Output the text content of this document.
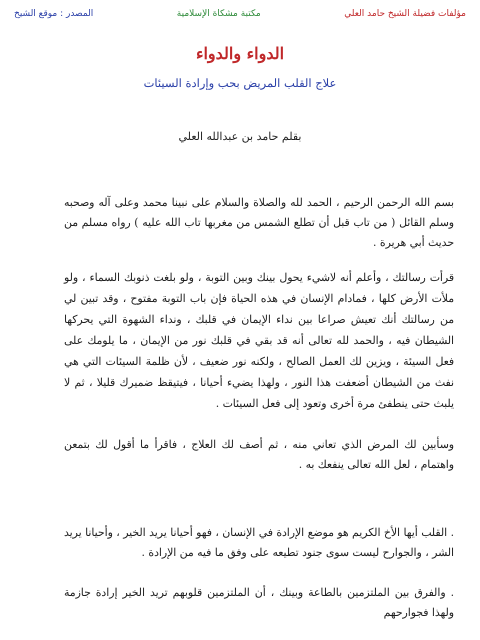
مؤلفات فضيلة الشيخ حامد العلي
مكتبة مشكاة الإسلامية
المصدر : موقع الشيخ
الدواء والدواء
علاج القلب المريض بحب وإرادة السيئات
بقلم حامد بن عبدالله العلي

بسم الله الرحمن الرحيم ، الحمد لله والصلاة والسلام على نبينا محمد وعلى آله وصحبه وسلم القائل ( من تاب قبل أن تطلع الشمس من مغربها تاب الله عليه ) رواه مسلم من حديث أبي هريرة .

قرأت رسالتك ، وأعلم أنه لاشيء يحول بينك وبين التوبة ، ولو بلغت ذنوبك السماء ، ولو ملأت الأرض كلها ، فمادام الإنسان في هذه الحياة فإن باب التوبة مفتوح ، وقد تبين لي من رسالتك أنك تعيش صراعا بين نداء الإيمان في قلبك ، ونداء الشهوة التي يحركها الشيطان فيه ، والحمد لله تعالى أنه قد بقي في قلبك نور من الإيمان ، ما يلومك على فعل السيئة ، ويزين لك العمل الصالح ، ولكنه نور ضعيف ، لأن ظلمة السيئات التي هي نفث من الشيطان أضعفت هذا النور ، ولهذا يضيء أحيانا ، فيتيقظ ضميرك قليلا ، ثم لا يلبث حتى ينطفئ مرة أخرى وتعود إلى فعل السيئات .

وسأبين لك المرض الذي تعاني منه ، ثم أصف لك العلاج ، فاقرأ ما أقول لك بتمعن واهتمام ، لعل الله تعالى ينفعك به .

. القلب أيها الأخ الكريم هو موضع الإرادة في الإنسان ، فهو أحيانا يريد الخير ، وأحيانا يريد الشر ، والجوارح ليست سوى جنود تطيعه على وفق ما فيه من الإرادة .

. والفرق بين الملتزمين بالطاعة وبينك ، أن الملتزمين قلوبهم تريد الخير إرادة جازمة ولهذا فجوارحهم
